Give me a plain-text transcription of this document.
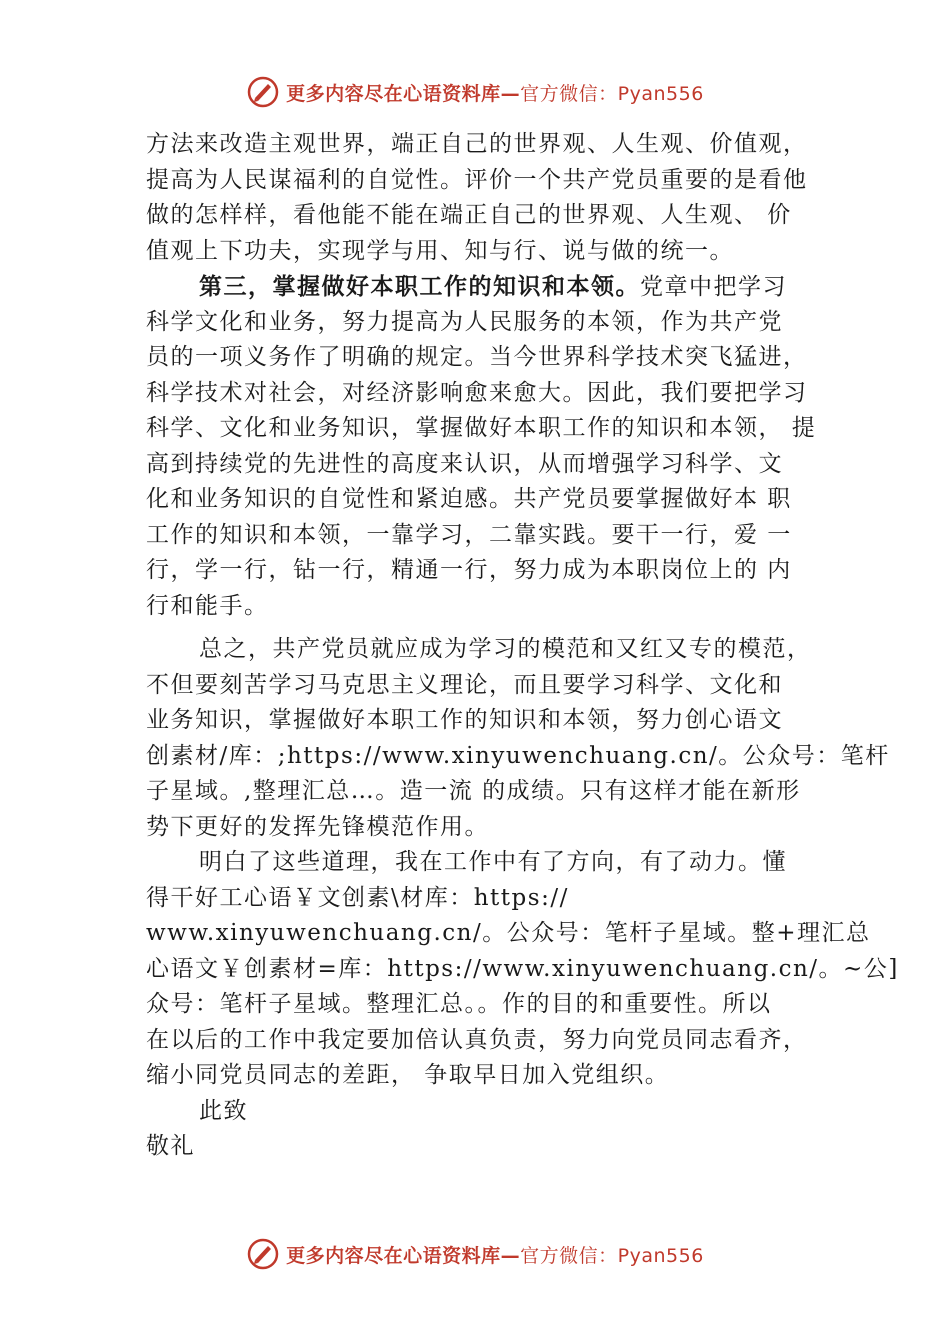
更多内容尽在心语资料库— 官方微信：Pyan556
方法来改造主观世界，端正自己的世界观、人生观、价值观，
提高为人民谋福利的自觉性。评价一个共产党员重要的是看他
做的怎样样，看他能不能在端正自己的世界观、人生观、 价
值观上下功夫，实现学与用、知与行、说与做的统一。
第三，掌握做好本职工作的知识和本领。党章中把学习
科学文化和业务，努力提高为人民服务的本领，作为共产党
员的一项义务作了明确的规定。当今世界科学技术突飞猛进，
科学技术对社会，对经济影响愈来愈大。因此，我们要把学习
科学、文化和业务知识，掌握做好本职工作的知识和本领， 提
高到持续党的先进性的高度来认识，从而增强学习科学、文
化和业务知识的自觉性和紧迫感。共产党员要掌握做好本 职
工作的知识和本领，一靠学习，二靠实践。要干一行，爱 一
行，学一行，钻一行，精通一行，努力成为本职岗位上的 内
行和能手。
总之，共产党员就应成为学习的模范和又红又专的模范，
不但要刻苦学习马克思主义理论，而且要学习科学、文化和
业务知识，掌握做好本职工作的知识和本领，努力创心语文
创素材/库：;https://www.xinyuwenchuang.cn/。公众号：笔杆
子星域。,整理汇总…。造一流 的成绩。只有这样才能在新形
势下更好的发挥先锋模范作用。
明白了这些道理，我在工作中有了方向，有了动力。懂
得干好工心语￥文创素\材库：https://
www.xinyuwenchuang.cn/。公众号：笔杆子星域。整+理汇总
心语文￥创素材=库：https://www.xinyuwenchuang.cn/。~公]
众号：笔杆子星域。整理汇总。。作的目的和重要性。所以
在以后的工作中我定要加倍认真负责，努力向党员同志看齐，
缩小同党员同志的差距， 争取早日加入党组织。
此致
敬礼
更多内容尽在心语资料库— 官方微信：Pyan556
